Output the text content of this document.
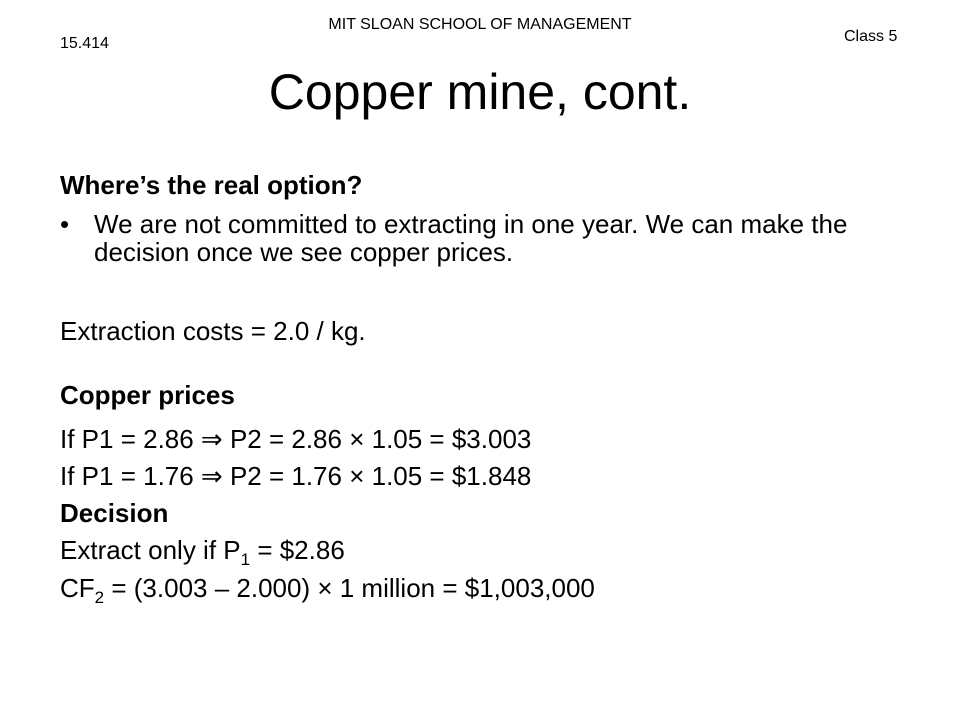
MIT SLOAN SCHOOL OF MANAGEMENT
15.414	Class 5
Copper mine, cont.
Where’s the real option?
• We are not committed to extracting in one year. We can make the decision once we see copper prices.
Extraction costs = 2.0 / kg.
Copper prices
If P1 = 2.86 ⇒ P2 = 2.86 × 1.05 = $3.003
If P1 = 1.76 ⇒ P2 = 1.76 × 1.05 = $1.848
Decision
Extract only if $P_1$ = $2.86
$CF_2 = (3.003 - 2.000) \times 1$ million = $1,003,000
